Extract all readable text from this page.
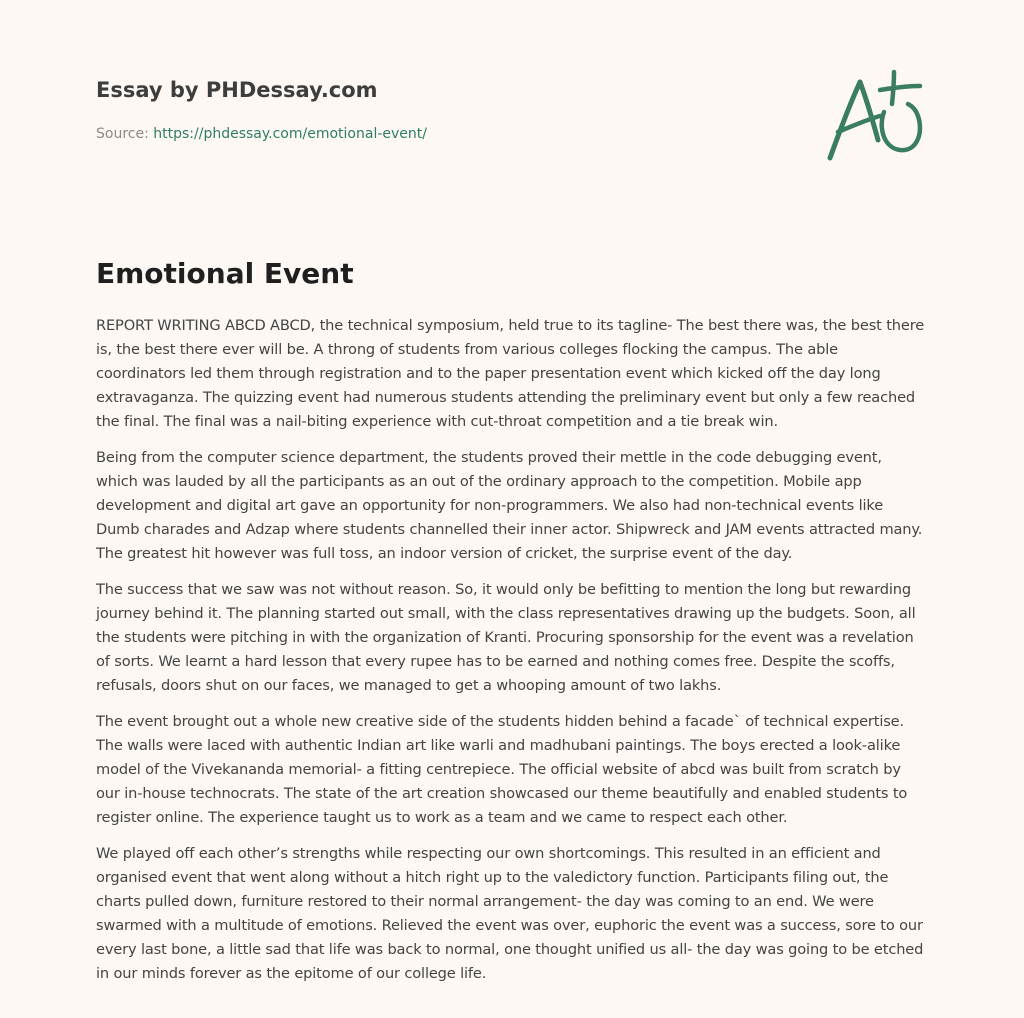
Essay by PHDessay.com
Source: https://phdessay.com/emotional-event/
Emotional Event

REPORT WRITING ABCD ABCD, the technical symposium, held true to its tagline- The best there was, the best there is, the best there ever will be. A throng of students from various colleges flocking the campus. The able coordinators led them through registration and to the paper presentation event which kicked off the day long extravaganza. The quizzing event had numerous students attending the preliminary event but only a few reached the final. The final was a nail-biting experience with cut-throat competition and a tie break win.

Being from the computer science department, the students proved their mettle in the code debugging event, which was lauded by all the participants as an out of the ordinary approach to the competition. Mobile app development and digital art gave an opportunity for non-programmers. We also had non-technical events like Dumb charades and Adzap where students channelled their inner actor. Shipwreck and JAM events attracted many. The greatest hit however was full toss, an indoor version of cricket, the surprise event of the day.

The success that we saw was not without reason. So, it would only be befitting to mention the long but rewarding journey behind it. The planning started out small, with the class representatives drawing up the budgets. Soon, all the students were pitching in with the organization of Kranti. Procuring sponsorship for the event was a revelation of sorts. We learnt a hard lesson that every rupee has to be earned and nothing comes free. Despite the scoffs, refusals, doors shut on our faces, we managed to get a whooping amount of two lakhs.

The event brought out a whole new creative side of the students hidden behind a facade` of technical expertise. The walls were laced with authentic Indian art like warli and madhubani paintings. The boys erected a look-alike model of the Vivekananda memorial- a fitting centrepiece. The official website of abcd was built from scratch by our in-house technocrats. The state of the art creation showcased our theme beautifully and enabled students to register online. The experience taught us to work as a team and we came to respect each other.

We played off each other’s strengths while respecting our own shortcomings. This resulted in an efficient and organised event that went along without a hitch right up to the valedictory function. Participants filing out, the charts pulled down, furniture restored to their normal arrangement- the day was coming to an end. We were swarmed with a multitude of emotions. Relieved the event was over, euphoric the event was a success, sore to our every last bone, a little sad that life was back to normal, one thought unified us all- the day was going to be etched in our minds forever as the epitome of our college life.
